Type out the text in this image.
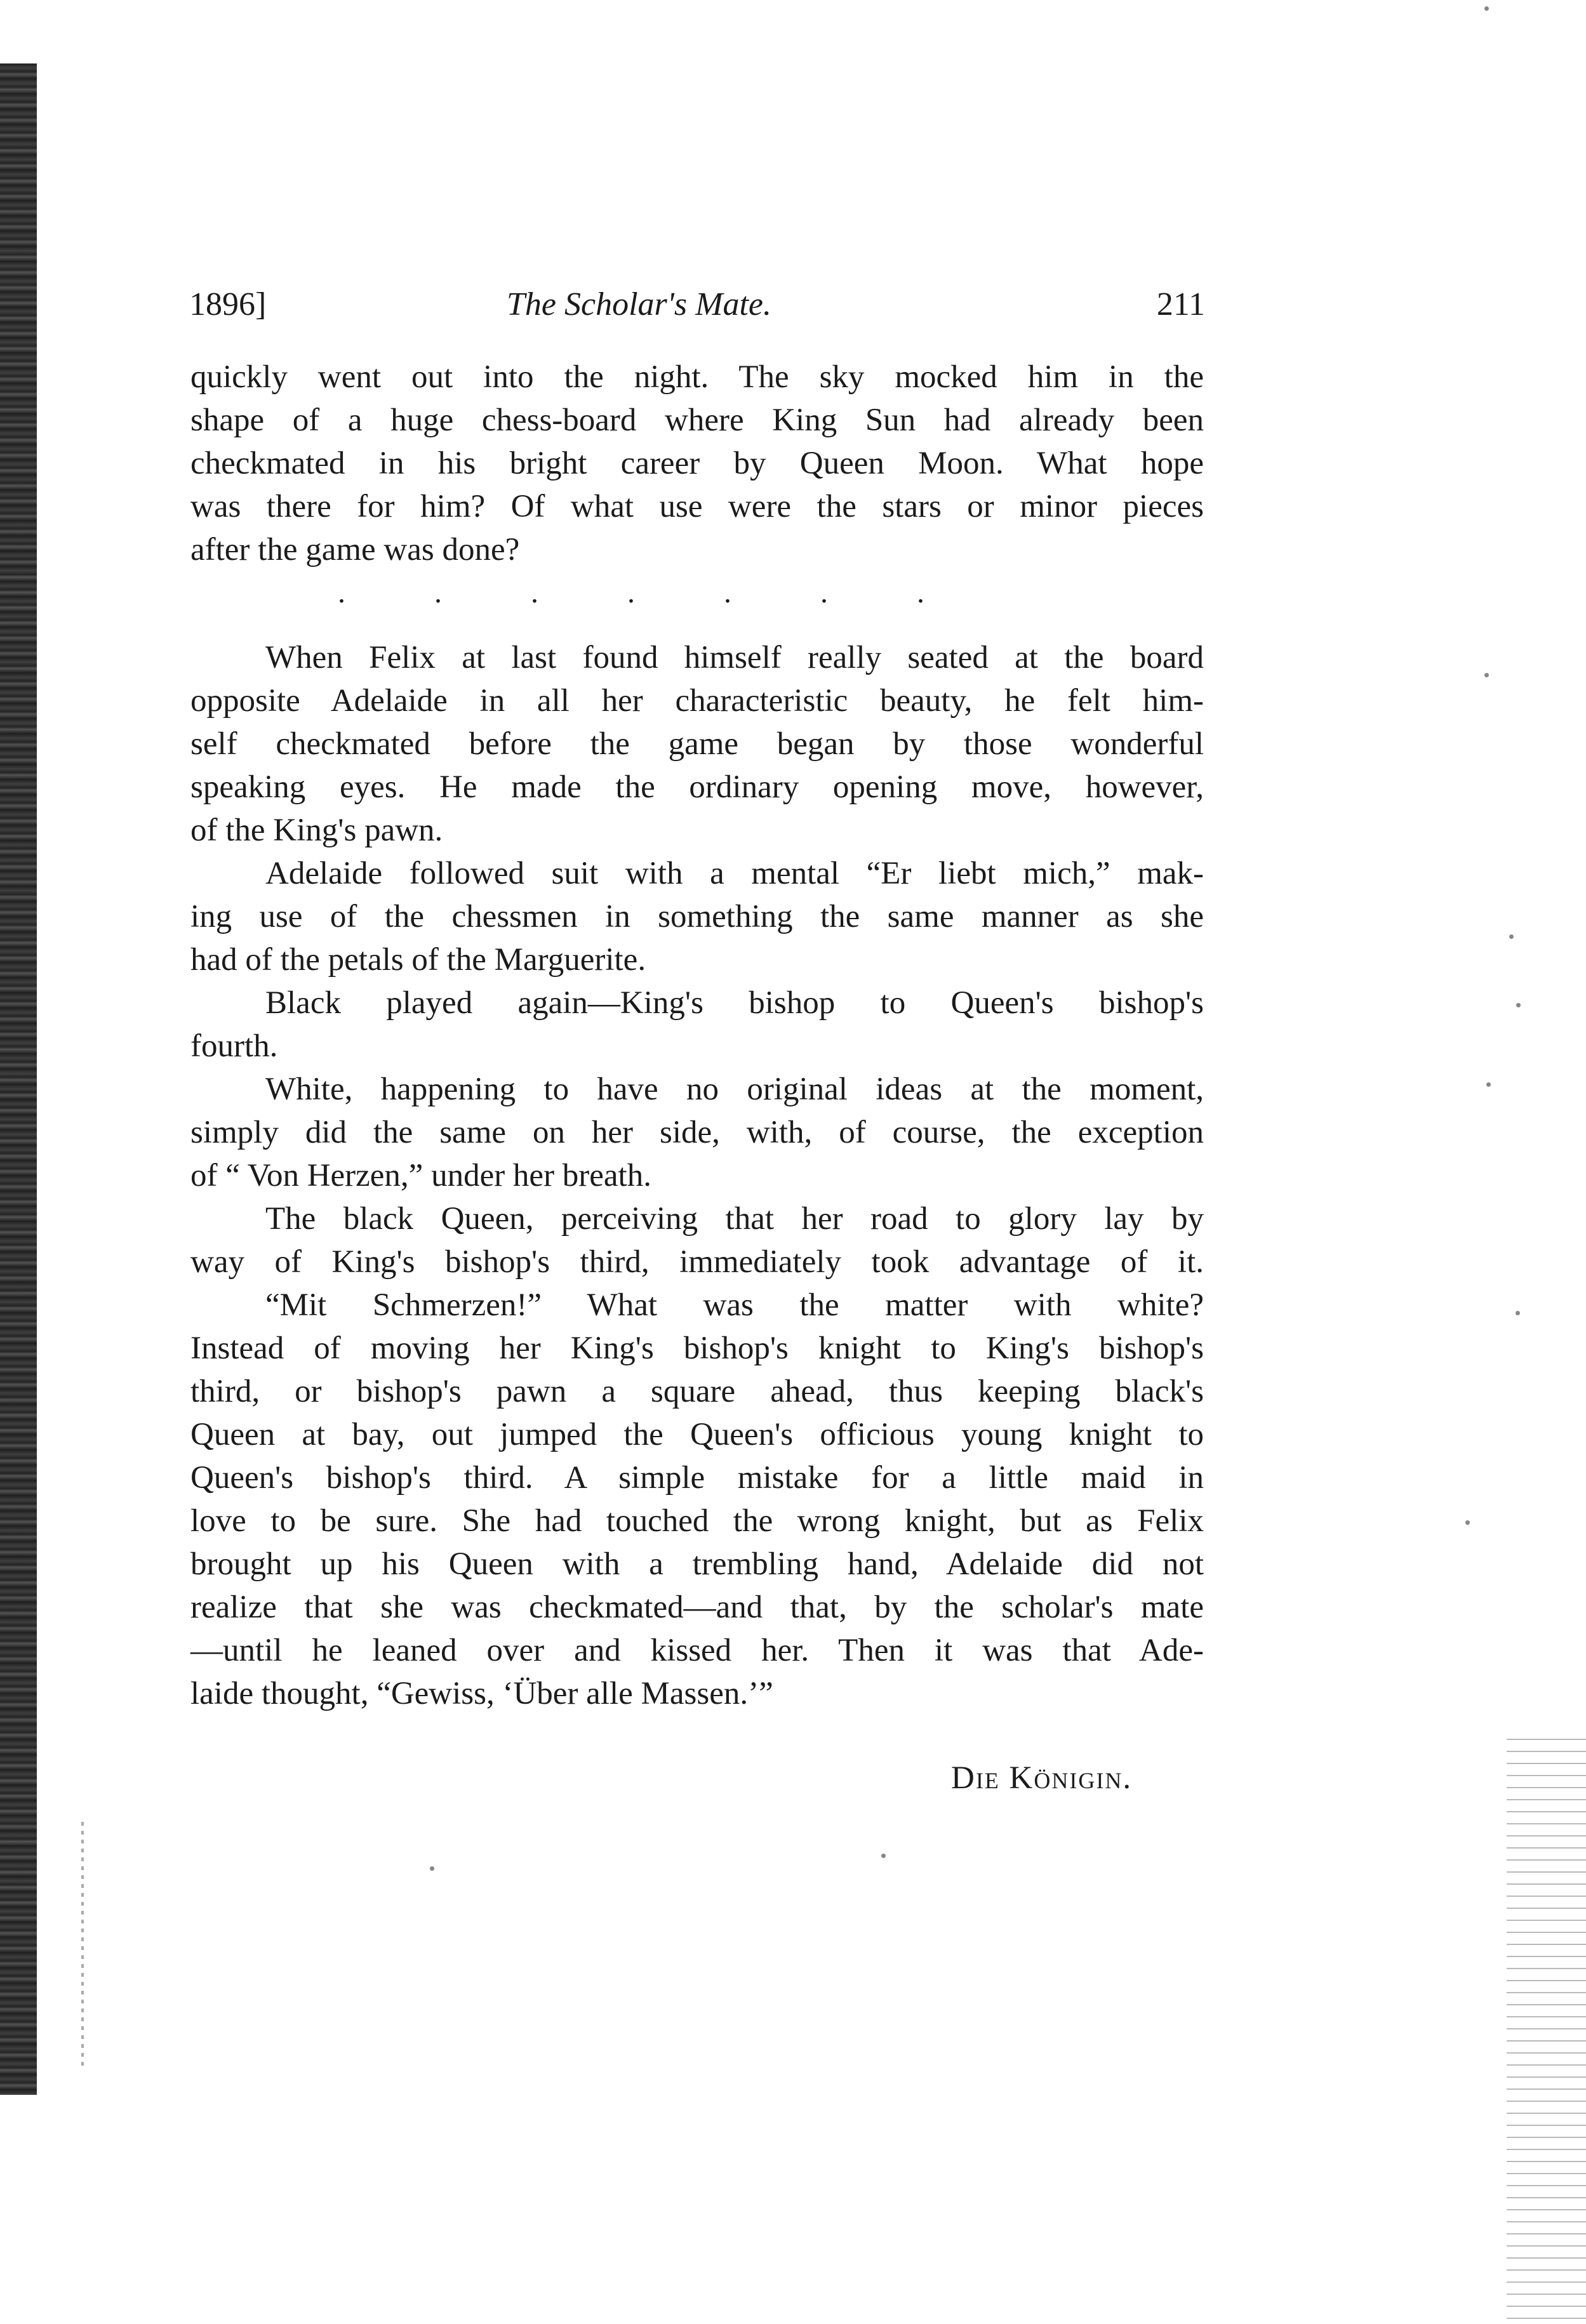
1896]	The Scholar's Mate.	211
quickly went out into the night. The sky mocked him in the
shape of a huge chess-board where King Sun had already been
checkmated in his bright career by Queen Moon. What hope
was there for him? Of what use were the stars or minor pieces
after the game was done?
. . . . . . .
When Felix at last found himself really seated at the board
opposite Adelaide in all her characteristic beauty, he felt him-
self checkmated before the game began by those wonderful
speaking eyes. He made the ordinary opening move, however,
of the King's pawn.
Adelaide followed suit with a mental “Er liebt mich,” mak-
ing use of the chessmen in something the same manner as she
had of the petals of the Marguerite.
Black played again—King's bishop to Queen's bishop's
fourth.
White, happening to have no original ideas at the moment,
simply did the same on her side, with, of course, the exception
of “ Von Herzen,” under her breath.
The black Queen, perceiving that her road to glory lay by
way of King's bishop's third, immediately took advantage of it.
“Mit Schmerzen!” What was the matter with white?
Instead of moving her King's bishop's knight to King's bishop's
third, or bishop's pawn a square ahead, thus keeping black's
Queen at bay, out jumped the Queen's officious young knight to
Queen's bishop's third. A simple mistake for a little maid in
love to be sure. She had touched the wrong knight, but as Felix
brought up his Queen with a trembling hand, Adelaide did not
realize that she was checkmated—and that, by the scholar's mate
—until he leaned over and kissed her. Then it was that Ade-
laide thought, “Gewiss, ‘Über alle Massen.’”
Die Königin.
